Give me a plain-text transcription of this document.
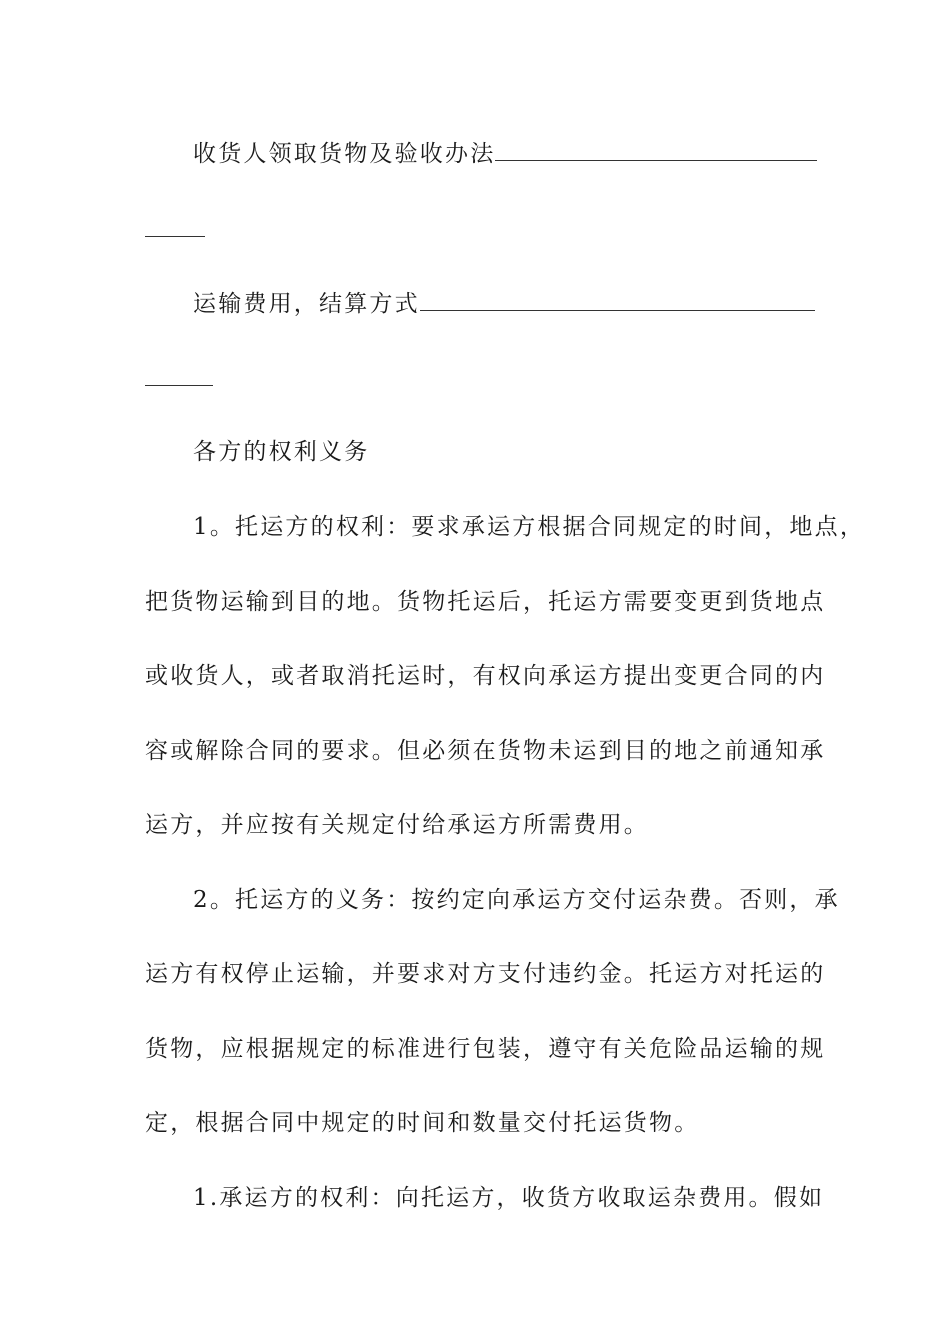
收货人领取货物及验收办法
运输费用，结算方式
各方的权利义务
1。托运方的权利：要求承运方根据合同规定的时间，地点，
把货物运输到目的地。货物托运后，托运方需要变更到货地点
或收货人，或者取消托运时，有权向承运方提出变更合同的内
容或解除合同的要求。但必须在货物未运到目的地之前通知承
运方，并应按有关规定付给承运方所需费用。
2。托运方的义务：按约定向承运方交付运杂费。否则，承
运方有权停止运输，并要求对方支付违约金。托运方对托运的
货物，应根据规定的标准进行包装，遵守有关危险品运输的规
定，根据合同中规定的时间和数量交付托运货物。
1.承运方的权利：向托运方，收货方收取运杂费用。假如
